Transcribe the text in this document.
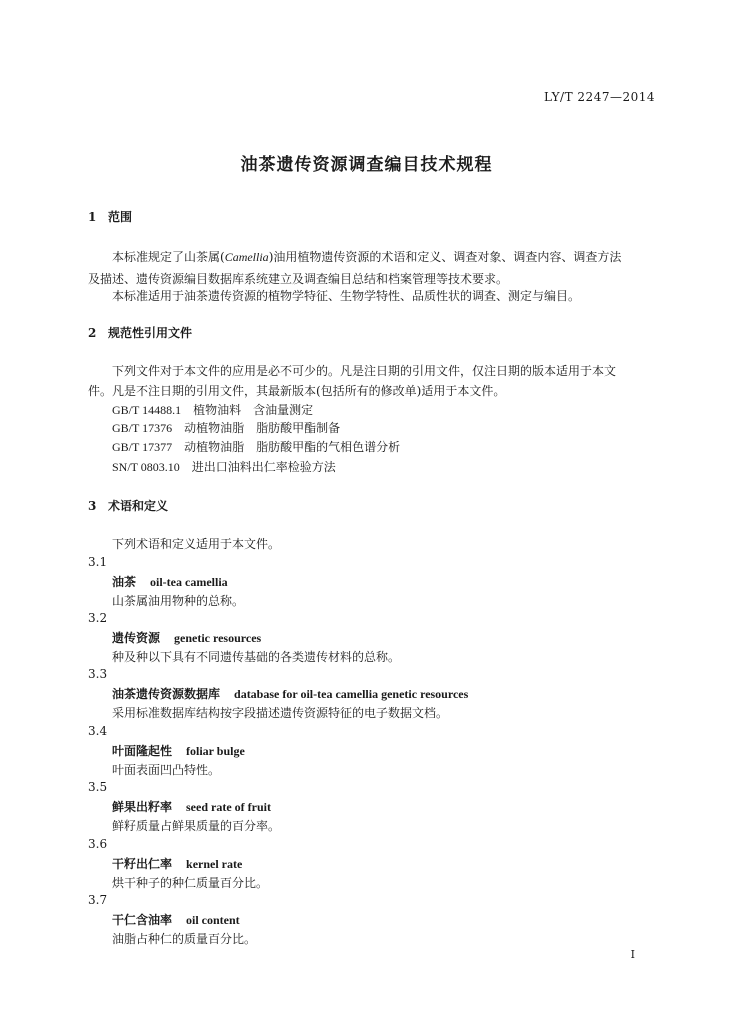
LY/T 2247—2014
油茶遗传资源调查编目技术规程
1 范围
本标准规定了山茶属(Camellia)油用植物遗传资源的术语和定义、调查对象、调查内容、调查方法
及描述、遗传资源编目数据库系统建立及调查编目总结和档案管理等技术要求。
本标准适用于油茶遗传资源的植物学特征、生物学特性、品质性状的调查、测定与编目。
2 规范性引用文件
下列文件对于本文件的应用是必不可少的。凡是注日期的引用文件，仅注日期的版本适用于本文
件。凡是不注日期的引用文件，其最新版本(包括所有的修改单)适用于本文件。
GB/T 14488.1 植物油料　含油量测定
GB/T 17376 动植物油脂　脂肪酸甲酯制备
GB/T 17377 动植物油脂　脂肪酸甲酯的气相色谱分析
SN/T 0803.10 进出口油料出仁率检验方法
3 术语和定义
下列术语和定义适用于本文件。
3.1
油茶 oil-tea camellia
山茶属油用物种的总称。
3.2
遗传资源 genetic resources
种及种以下具有不同遗传基础的各类遗传材料的总称。
3.3
油茶遗传资源数据库 database for oil-tea camellia genetic resources
采用标准数据库结构按字段描述遗传资源特征的电子数据文档。
3.4
叶面隆起性 foliar bulge
叶面表面凹凸特性。
3.5
鲜果出籽率 seed rate of fruit
鲜籽质量占鲜果质量的百分率。
3.6
干籽出仁率 kernel rate
烘干种子的种仁质量百分比。
3.7
干仁含油率 oil content
油脂占种仁的质量百分比。
I
